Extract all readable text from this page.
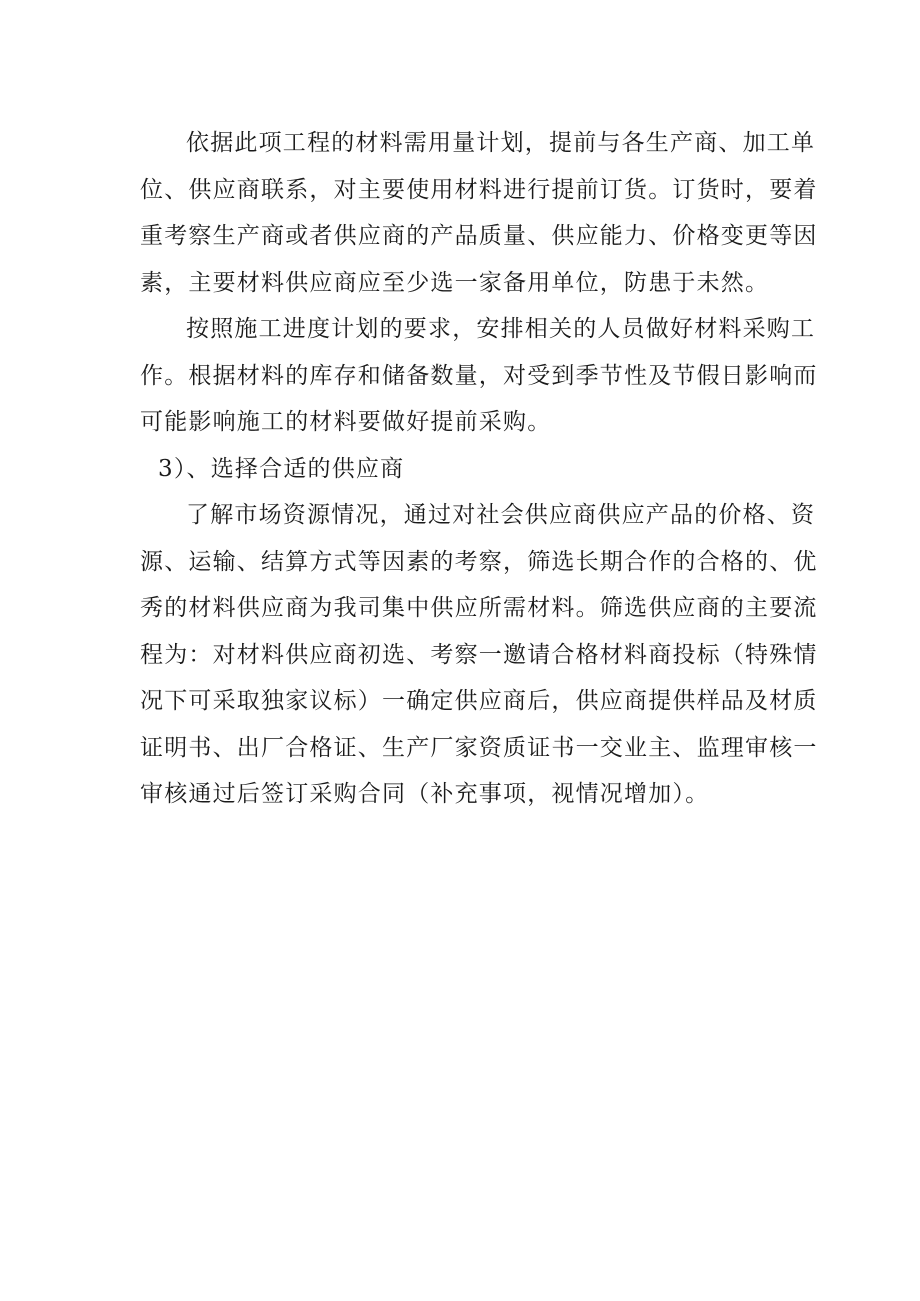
依据此项工程的材料需用量计划，提前与各生产商、加工单
位、供应商联系，对主要使用材料进行提前订货。订货时，要着
重考察生产商或者供应商的产品质量、供应能力、价格变更等因
素，主要材料供应商应至少选一家备用单位，防患于未然。
按照施工进度计划的要求，安排相关的人员做好材料采购工
作。根据材料的库存和储备数量，对受到季节性及节假日影响而
可能影响施工的材料要做好提前采购。
3）、选择合适的供应商
了解市场资源情况，通过对社会供应商供应产品的价格、资
源、运输、结算方式等因素的考察，筛选长期合作的合格的、优
秀的材料供应商为我司集中供应所需材料。筛选供应商的主要流
程为：对材料供应商初选、考察一邀请合格材料商投标（特殊情
况下可采取独家议标）一确定供应商后，供应商提供样品及材质
证明书、出厂合格证、生产厂家资质证书一交业主、监理审核一
审核通过后签订采购合同（补充事项，视情况增加）。
